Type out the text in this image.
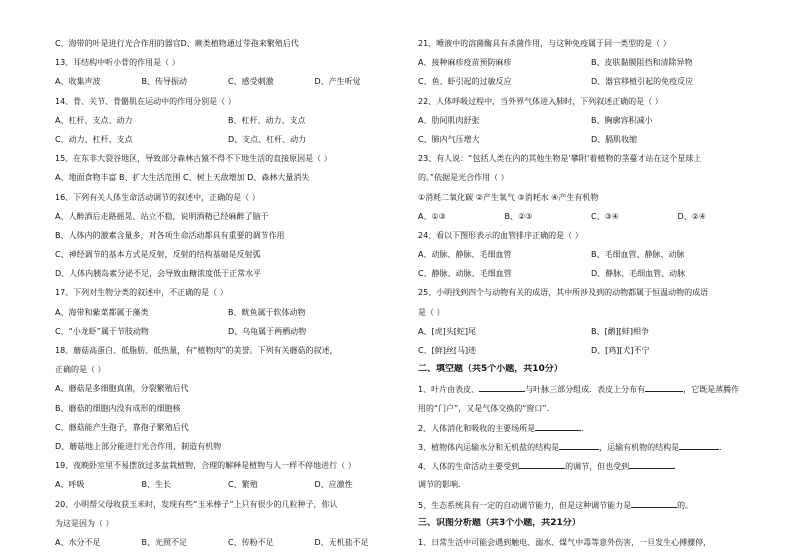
C、海带的叶是进行光合作用的器官D、蕨类植物通过芽孢来繁殖后代
13、耳结构中听小骨的作用是（ ）
A、收集声波	B、传导振动	C、感受刺激	D、产生听觉
14、骨、关节、骨骼肌在运动中的作用分别是（ ）
A、杠杆、支点、动力	B、杠杆、动力、支点
C、动力、杠杆、支点	D、支点、杠杆、动力
15、在东非大裂谷地区，导致部分森林古猿不得不下地生活的直接原因是（ ）
A、地面食物丰富 B、扩大生活范围 C、树上天敌增加 D、森林大量消失
16、下列有关人体生命活动调节的叙述中，正确的是（ ）
A、人醉酒后走路摇晃、站立不稳，说明酒精已经麻醉了脑干
B、人体内的激素含量多，对各项生命活动都具有重要的调节作用
C、神经调节的基本方式是反射，反射的结构基础是反射弧
D、人体内胰岛素分泌不足，会导致血糖浓度低于正常水平
17、下列对生物分类的叙述中，不正确的是（ ）
A、海带和紫菜都属于藻类	B、鱿鱼属于软体动物
C、“小龙虾”属于节肢动物	D、乌龟属于两栖动物
18、蘑菇高蛋白、低脂肪、低热量，有“植物肉”的美誉。下列有关蘑菇的叙述，
正确的是（ ）
A、蘑菇是多细胞真菌，分裂繁殖后代
B、蘑菇的细胞内没有成形的细胞核
C、蘑菇能产生孢子，靠孢子繁殖后代
D、蘑菇地上部分能进行光合作用，制造有机物
19、夜晚卧室里不易摆放过多盆栽植物，合理的解释是植物与人一样不停地进行（ ）
A、呼吸	B、生长	C、繁殖	D、应激性
20、小明帮父母收获玉米时，发现有些“玉米棒子”上只有很少的几粒种子，你认
为这是因为（ ）
A、水分不足	B、光照不足	C、传粉不足	D、无机盐不足
21、唾液中的溶菌酶具有杀菌作用，与这种免疫属于同一类型的是（ ）
A、接种麻疹疫苗预防麻疹	B、皮肤黏膜阻挡和清除异物
C、鱼、虾引起的过敏反应	D、器官移植引起的免疫反应
22、人体呼吸过程中，当外界气体进入肺时，下列叙述正确的是（ ）
A、肋间肌肉舒张	B、胸廓容积减小
C、肺内气压增大	D、膈肌收缩
23、有人说：“包括人类在内的其他生物是‘攀附’着植物的茎蔓才站在这个星球上
的。”依据是光合作用（ ）
①消耗二氧化碳 ②产生氧气 ③消耗水 ④产生有机物
A、①③	B、②③	C、③④	D、②④
24、看以下图形表示的血管排序正确的是（ ）
A、动脉、静脉、毛细血管	B、毛细血管、静脉、动脉
C、静脉、动脉、毛细血管	D、静脉、毛细血管、动脉
25、小明找到四个与动物有关的成语，其中所涉及到的动物都属于恒温动物的成语
是（ ）
A、[虎]头[蛇]尾	B、[鹬][蚌]相争
C、[鲜]丝[马]迹	D、[鸡][犬]不宁
二、填空题（共5个小题，共10分）
1、叶片由表皮、	与叶脉三部分组成．表皮上分布有	，它既是蒸腾作
用的“门户”，又是气体交换的“窗口”．
2、人体消化和吸收的主要场所是	.
3、植物体内运输水分和无机盐的结构是	，运输有机物的结构是	.
4、人体的生命活动主要受到	的调节，但也受到
调节的影响．
5、生态系统具有一定的自动调节能力，但是这种调节能力是	的。
三、识图分析题（共3个小题，共21分）
1、日常生活中可能会遇到触电、溺水、煤气中毒等意外伤害，一旦发生心搏骤停，
